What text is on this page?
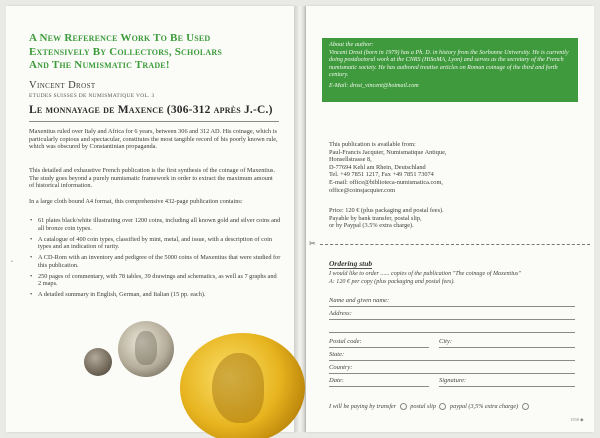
A New Reference Work To Be Used
Extensively By Collectors, Scholars
And The Numismatic Trade!
Vincent Drost
ETUDES SUISSES DE NUMISMATIQUE VOL. 3
Le monnayage de Maxence (306-312 après J.-C.)
Maxentius ruled over Italy and Africa for 6 years, between 306 and 312 AD. His coinage, which is particularly copious and spectacular, constitutes the most tangible record of his poorly known rule, which was obscured by Constantinian propaganda.
This detailed and exhaustive French publication is the first synthesis of the coinage of Maxentius. The study goes beyond a purely numismatic framework in order to extract the maximum amount of historical information.
In a large cloth bound A4 format, this comprehensive 432-page publication contains:
• 61 plates black/white illustrating over 1200 coins, including all known gold and silver coins and all bronze coin types.
• A catalogue of 400 coin types, classified by mint, metal, and issue, with a description of coin types and an indication of rarity.
• A CD-Rom with an inventory and pedigree of the 5000 coins of Maxentius that were studied for this publication.
• 250 pages of commentary, with 78 tables, 39 drawings and schematics, as well as 7 graphs and 2 maps.
• A detailed summary in English, German, and Italian (15 pp. each).
•
About the author:
Vincent Drost (born in 1979) has a Ph. D. in history from the Sorbonne University. He is currently doing postdoctoral work at the CNRS (HiSoMA, Lyon) and serves as the secretary of the French numismatic society. He has authored treatise articles on Roman coinage of the third and forth century.
E-Mail: drost_vincent@hotmail.com
This publication is available from:
Paul-Francis Jacquier, Numismatique Antique,
Honsellstrasse 8,
D-77694 Kehl am Rhein, Deutschland
Tel. +49 7851 1217, Fax +49 7851 73074
E-mail: office@biblioteca-numismatica.com,
office@coinsjacquier.com
Price: 120 € (plus packaging and postal fees).
Payable by bank transfer, postal slip,
or by Paypal (3.5% extra charge).
✂
Ordering stub
I would like to order ...... copies of the publication "The coinage of Maxentius"
A: 120 € per copy (plus packaging and postal fees).
Name and given name:
Address:
Postal code:	City:
State:
Country:
Date:	Signature:
I will be paying by transfer postal slip paypal (3,5% extra charge)
1550 ◆
